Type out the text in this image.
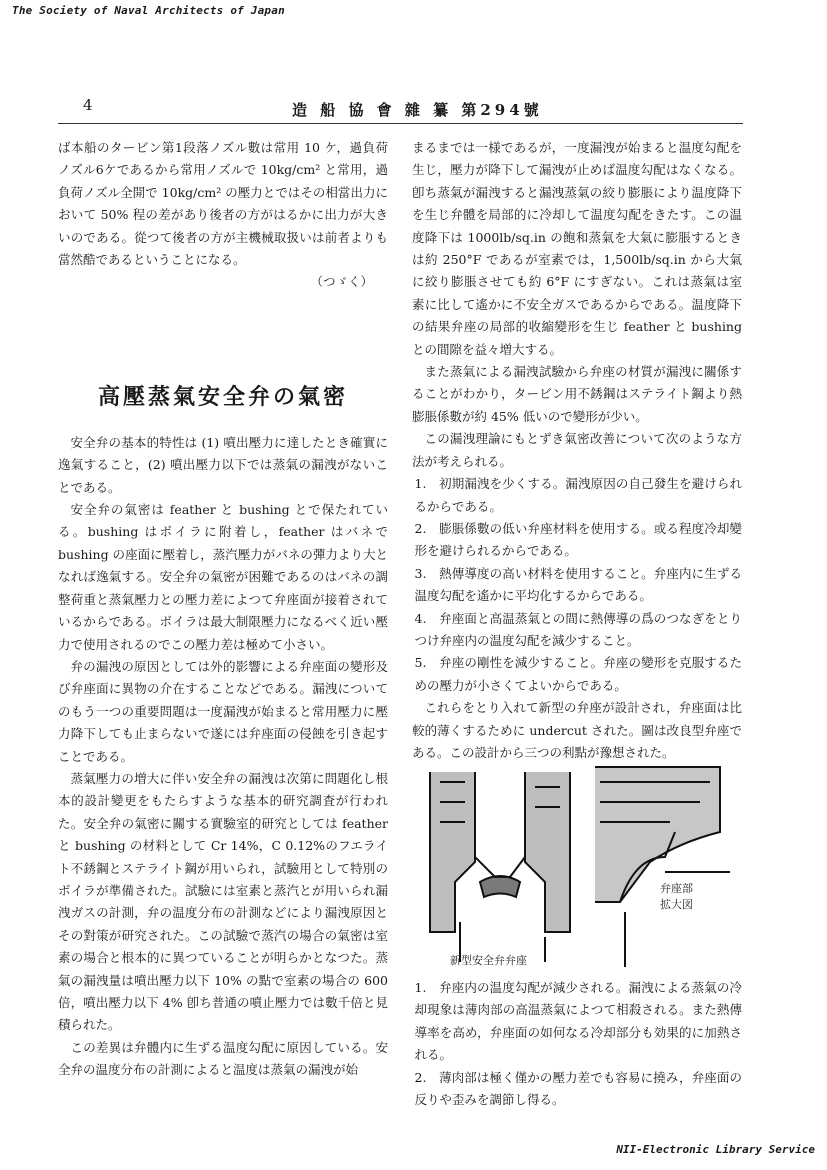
The Society of Naval Architects of Japan
4	造 船 協 會 雜 纂 第294號

ば本船のタービン第1段落ノズル數は常用 10 ケ，過負荷ノズル6ケであるから常用ノズルで 10kg/cm² と常用，過負荷ノズル全開で 10kg/cm² の壓力とではその相當出力において 50% 程の差があり後者の方がはるかに出力が大きいのである。從つて後者の方が主機械取扱いは前者よりも當然酷であるということになる。

（つゞく）
高壓蒸氣安全弁の氣密

安全弁の基本的特性は (1) 噴出壓力に達したとき確實に逸氣すること，(2) 噴出壓力以下では蒸氣の漏洩がないことである。

安全弁の氣密は feather と bushing とで保たれている。bushing はボイラに附着し，feather はバネで bushing の座面に壓着し，蒸汽壓力がバネの彈力より大となれば逸氣する。安全弁の氣密が困難であるのはバネの調整荷重と蒸氣壓力との壓力差によつて弁座面が接着されているからである。ボイラは最大制限壓力になるべく近い壓力で使用されるのでこの壓力差は極めて小さい。

弁の漏洩の原因としては外的影響による弁座面の變形及び弁座面に異物の介在することなどである。漏洩についてのもう一つの重要問題は一度漏洩が始まると常用壓力に壓力降下しても止まらないで遂には弁座面の侵蝕を引き起すことである。

蒸氣壓力の増大に伴い安全弁の漏洩は次第に問題化し根本的設計變更をもたらすような基本的研究調査が行われた。安全弁の氣密に關する實驗室的研究としては feather と bushing の材料として Cr 14%，C 0.12%のフエライト不銹鋼とステライト鋼が用いられ，試驗用として特別のボイラが準備された。試驗には室素と蒸汽とが用いられ漏洩ガスの計測，弁の温度分布の計測などにより漏洩原因とその對策が研究された。この試驗で蒸汽の場合の氣密は室素の場合と根本的に異つていることが明らかとなつた。蒸氣の漏洩量は噴出壓力以下 10% の點で室素の場合の 600 倍，噴出壓力以下 4% 卽ち普通の噴止壓力では數千倍と見積られた。

この差異は弁體内に生ずる温度勾配に原因している。安全弁の温度分布の計測によると温度は蒸氣の漏洩が始

まるまでは一様であるが，一度漏洩が始まると温度勾配を生じ，壓力が降下して漏洩が止めば温度勾配はなくなる。卽ち蒸氣が漏洩すると漏洩蒸氣の絞り膨脹により温度降下を生じ弁體を局部的に冷却して温度勾配をきたす。この温度降下は 1000lb/sq.in の飽和蒸氣を大氣に膨脹するときは約 250°F であるが室素では，1,500lb/sq.in から大氣に絞り膨脹させても約 6°F にすぎない。これは蒸氣は室素に比して遙かに不安全ガスであるからである。温度降下の結果弁座の局部的收縮變形を生じ feather と bushing との間隙を益々増大する。

また蒸氣による漏洩試驗から弁座の材質が漏洩に關係することがわかり，タービン用不銹鋼はステライト鋼より熱膨脹係數が約 45% 低いので變形が少い。

この漏洩理論にもとずき氣密改善について次のような方法が考えられる。

1.　初期漏洩を少くする。漏洩原因の自己發生を避けられるからである。

2.　膨脹係數の低い弁座材料を使用する。或る程度冷却變形を避けられるからである。

3.　熱傳導度の高い材料を使用すること。弁座内に生ずる温度勾配を遙かに平均化するからである。

4.　弁座面と高温蒸氣との間に熱傳導の爲のつなぎをとりつけ弁座内の温度勾配を減少すること。

5.　弁座の剛性を減少すること。弁座の變形を克服するための壓力が小さくてよいからである。

これらをとり入れて新型の弁座が設計され，弁座面は比較的薄くするために undercut された。圖は改良型弁座である。この設計から三つの利點が豫想された。

新型安全弁弁座
弁座部
拡大図

1.　弁座内の温度勾配が減少される。漏洩による蒸氣の冷却現象は薄肉部の高温蒸氣によつて相殺される。また熱傳導率を高め，弁座面の如何なる冷却部分も効果的に加熱される。

2.　薄肉部は極く僅かの壓力差でも容易に撓み，弁座面の反りや歪みを調節し得る。

NII-Electronic Library Service
